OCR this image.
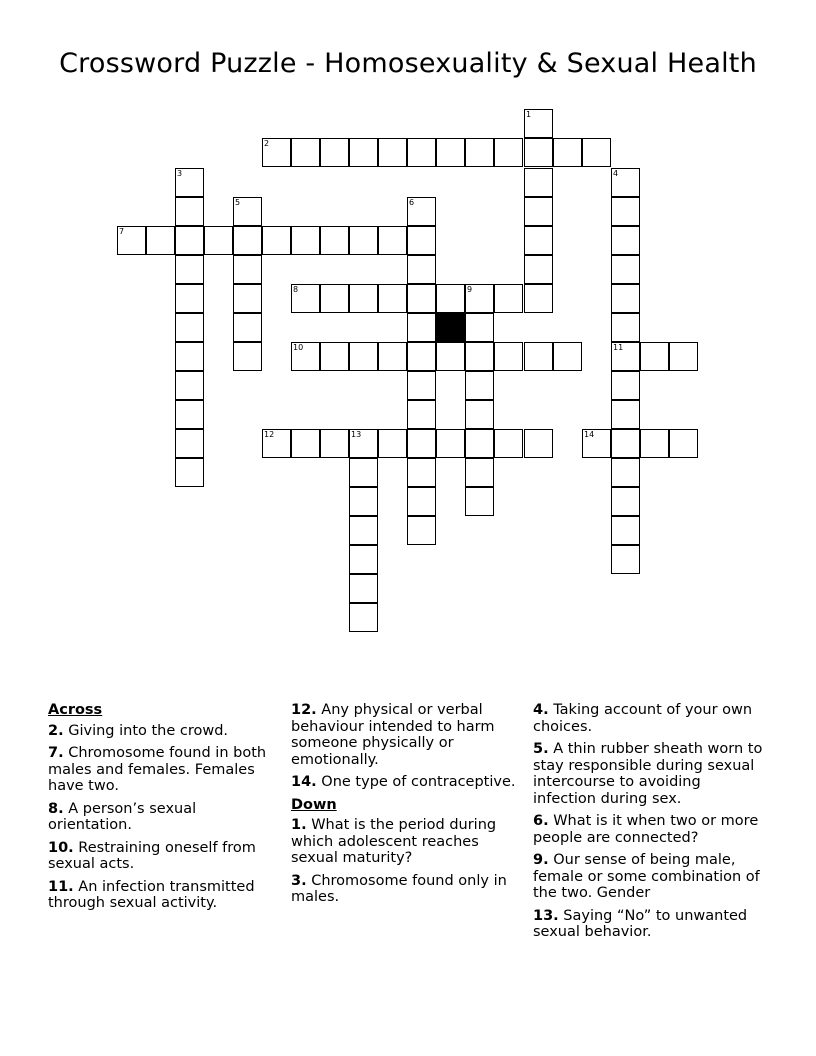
Crossword Puzzle - Homosexuality & Sexual Health
1
2
3	4
5	6
7
8	9
10	11
12	13	14
Across
2. Giving into the crowd.
7. Chromosome found in both males and females. Females have two.
8. A person’s sexual orientation.
10. Restraining oneself from sexual acts.
11. An infection transmitted through sexual activity.
12. Any physical or verbal behaviour intended to harm someone physically or emotionally.
14. One type of contraceptive.
Down
1. What is the period during which adolescent reaches sexual maturity?
3. Chromosome found only in males.
4. Taking account of your own choices.
5. A thin rubber sheath worn to stay responsible during sexual intercourse to avoiding infection during sex.
6. What is it when two or more people are connected?
9. Our sense of being male, female or some combination of the two. Gender
13. Saying “No” to unwanted sexual behavior.
